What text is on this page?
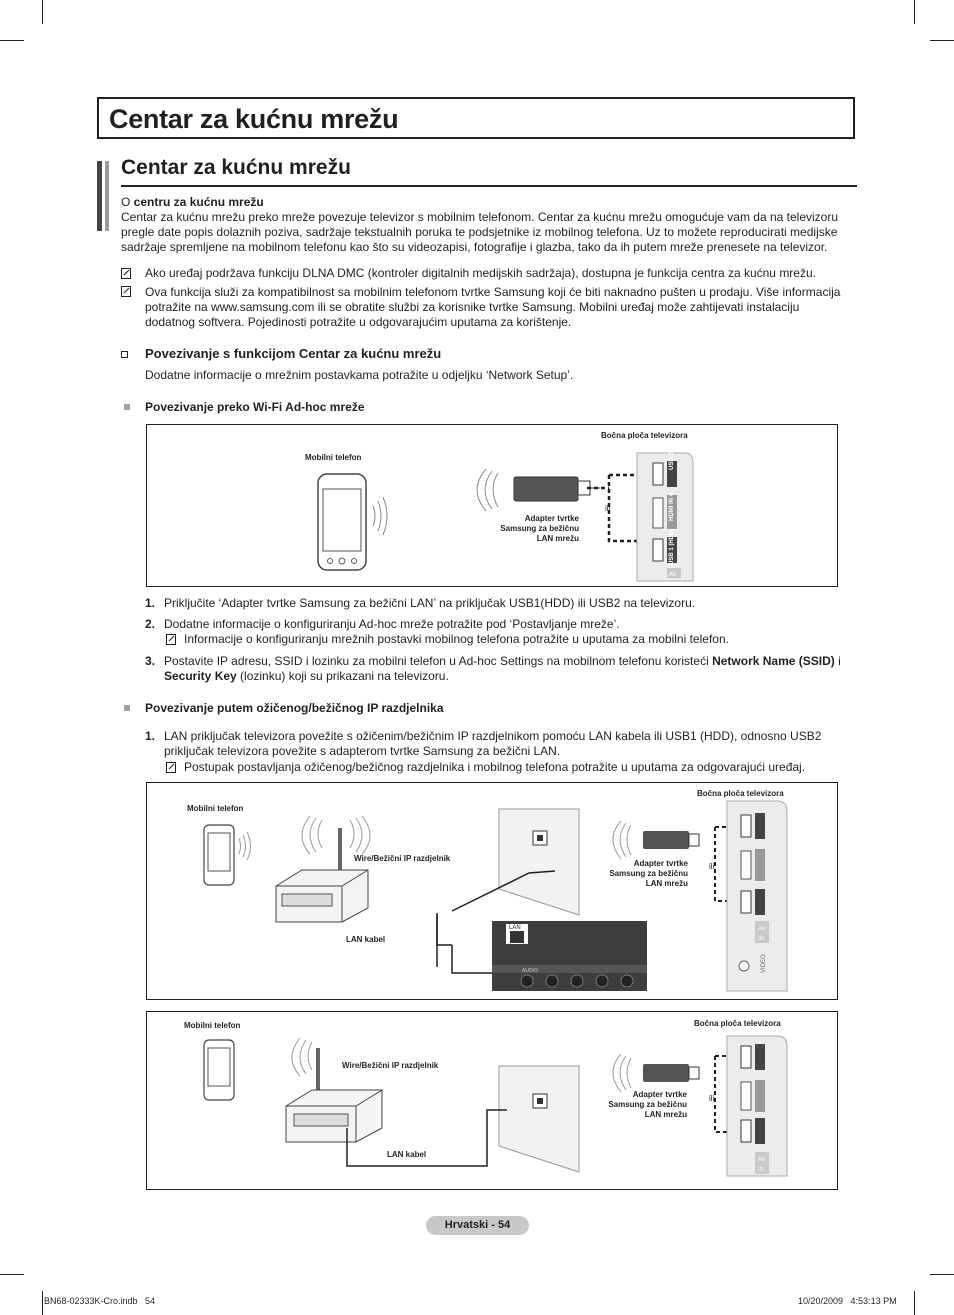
Centar za kućnu mrežu
Centar za kućnu mrežu
O centru za kućnu mrežu
Centar za kućnu mrežu preko mreže povezuje televizor s mobilnim telefonom. Centar za kućnu mrežu omogućuje vam da na televizoru
pregle date popis dolaznih poziva, sadržaje tekstualnih poruka te podsjetnike iz mobilnog telefona. Uz to možete reproducirati medijske
sadržaje spremljene na mobilnom telefonu kao što su videozapisi, fotografije i glazba, tako da ih putem mreže prenesete na televizor.
Ako uređaj podržava funkciju DLNA DMC (kontroler digitalnih medijskih sadržaja), dostupna je funkcija centra za kućnu mrežu.
Ova funkcija služi za kompatibilnost sa mobilnim telefonom tvrtke Samsung koji će biti naknadno pušten u prodaju. Više informacija
potražite na www.samsung.com ili se obratite službi za korisnike tvrtke Samsung. Mobilni uređaj može zahtijevati instalaciju
dodatnog softvera. Pojedinosti potražite u odgovarajućim uputama za korištenje.
Povezivanje s funkcijom Centar za kućnu mrežu
Dodatne informacije o mrežnim postavkama potražite u odjeljku ‘Network Setup’.
Povezivanje preko Wi-Fi Ad-hoc mreže
Mobilni telefon
Bočna ploča televizora
Adapter tvrtke
Samsung za bežičnu
LAN mrežu
ili
USB 2
HDMI IN 4
USB 1 (HDD)
AV
1. Priključite ‘Adapter tvrtke Samsung za bežični LAN’ na priključak USB1(HDD) ili USB2 na televizoru.
2. Dodatne informacije o konfiguriranju Ad-hoc mreže potražite pod ‘Postavljanje mreže’.
Informacije o konfiguriranju mrežnih postavki mobilnog telefona potražite u uputama za mobilni telefon.
3. Postavite IP adresu, SSID i lozinku za mobilni telefon u Ad-hoc Settings na mobilnom telefonu koristeći Network Name (SSID) i
Security Key (lozinku) koji su prikazani na televizoru.
Povezivanje putem ožičenog/bežičnog IP razdjelnika
1. LAN priključak televizora povežite s ožičenim/bežičnim IP razdjelnikom pomoću LAN kabela ili USB1 (HDD), odnosno USB2
priključak televizora povežite s adapterom tvrtke Samsung za bežični LAN.
Postupak postavljanja ožičenog/bežičnog razdjelnika i mobilnog telefona potražite u uputama za odgovarajući uređaj.
Mobilni telefon
Bočna ploča televizora
Wire/Bežični IP razdjelnik
LAN kabel
Adapter tvrtke
Samsung za bežičnu
LAN mrežu
ili
LAN
AUDIO
AV IN
VIDEO
Mobilni telefon	Bočna ploča televizora
Wire/Bežični IP razdjelnik
LAN kabel
Adapter tvrtke
Samsung za bežičnu
LAN mrežu
ili
AV IN
Hrvatski - 54
BN68-02333K-Cro.indb   54	10/20/2009   4:53:13 PM
